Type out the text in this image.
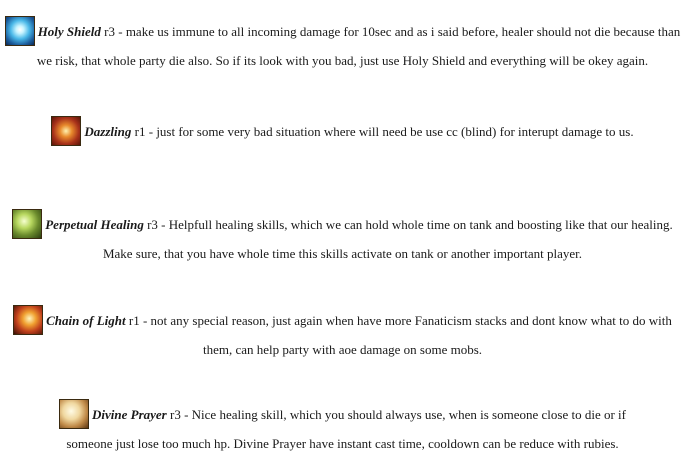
Holy Shield r3 - make us immune to all incoming damage for 10sec and as i said before, healer should not die because than
we risk, that whole party die also. So if its look with you bad, just use Holy Shield and everything will be okey again.
Dazzling r1 - just for some very bad situation where will need be use cc (blind) for interupt damage to us.
Perpetual Healing r3 - Helpfull healing skills, which we can hold whole time on tank and boosting like that our healing.
Make sure, that you have whole time this skills activate on tank or another important player.
Chain of Light r1 - not any special reason, just again when have more Fanaticism stacks and dont know what to do with
them, can help party with aoe damage on some mobs.
Divine Prayer r3 - Nice healing skill, which you should always use, when is someone close to die or if
someone just lose too much hp. Divine Prayer have instant cast time, cooldown can be reduce with rubies.
